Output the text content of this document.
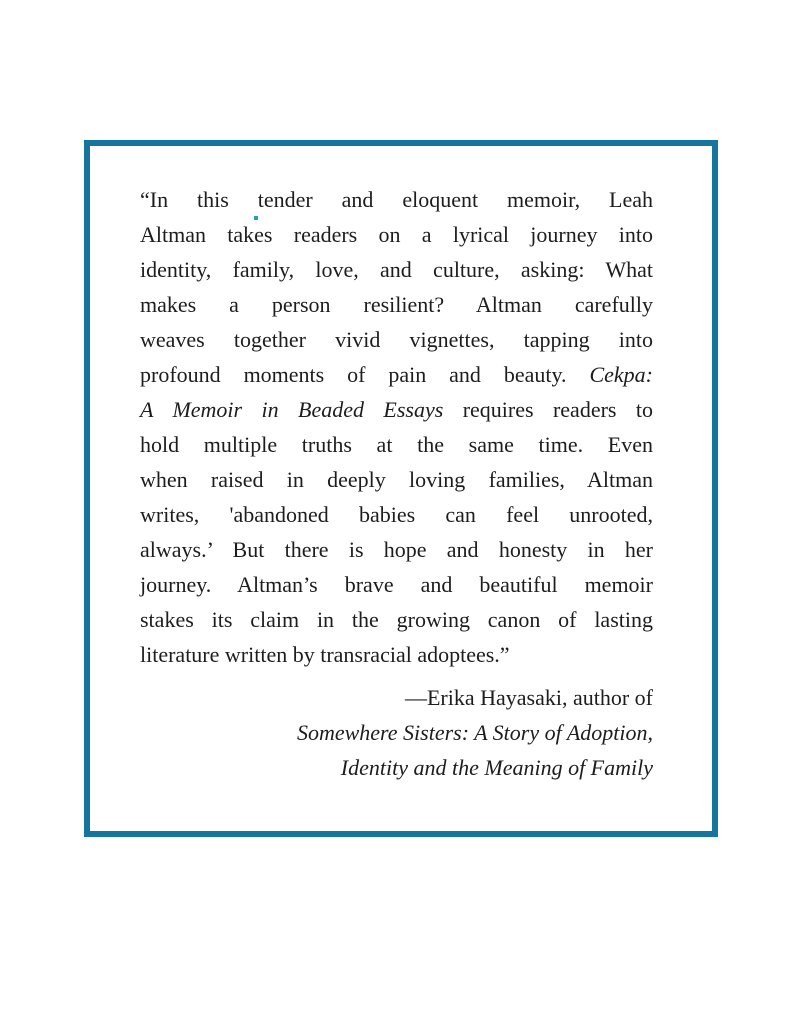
“In this tender and eloquent memoir, Leah
Altman takes readers on a lyrical journey into
identity, family, love, and culture, asking: What
makes a person resilient? Altman carefully
weaves together vivid vignettes, tapping into
profound moments of pain and beauty. Cekpa:
A Memoir in Beaded Essays requires readers to
hold multiple truths at the same time. Even
when raised in deeply loving families, Altman
writes, 'abandoned babies can feel unrooted,
always.’ But there is hope and honesty in her
journey. Altman’s brave and beautiful memoir
stakes its claim in the growing canon of lasting
literature written by transracial adoptees.”
—Erika Hayasaki, author of
Somewhere Sisters: A Story of Adoption,
Identity and the Meaning of Family
